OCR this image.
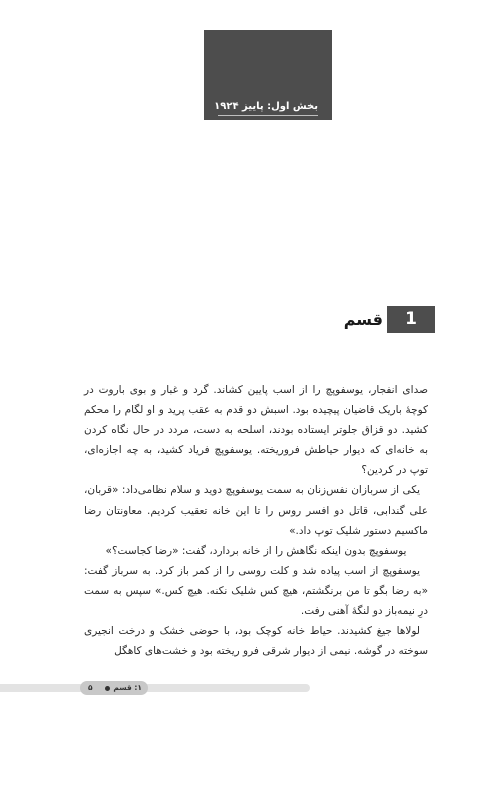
بخش اول: پاییز ۱۹۲۴
1
قسم

صدای انفجار، یوسفوپچ را از اسب پایین کشاند. گرد و غبار و بوی باروت در کوچهٔ باریک قاضیان پیچیده بود. اسبش دو قدم به عقب پرید و او لگام را محکم کشید. دو قزاق جلوتر ایستاده بودند، اسلحه به دست، مردد در حال نگاه کردن به خانه‌ای که دیوار حیاطش فروریخته. یوسفوپچ فریاد کشید، به چه اجازه‌ای، توپ در کردین؟

یکی از سربازان نفس‌زنان به سمت یوسفوپچ دوید و سلام نظامی‌داد: «قربان، علی گندابی، قاتل دو افسر روس را تا این خانه تعقیب کردیم. معاونتان رضا ماکسیم دستور شلیک توپ داد.»

یوسفوپچ بدون اینکه نگاهش را از خانه بردارد، گفت: «رضا کجاست؟»

یوسفوپچ از اسب پیاده شد و کلت روسی را از کمر باز کرد. به سرباز گفت: «به رضا بگو تا من برنگشتم، هیچ کس شلیک نکنه. هیچ کس.» سپس به سمت درِ نیمه‌باز دو لنگهٔ آهنی رفت.

لولاها جیغ کشیدند. حیاط خانه کوچک بود، با حوضی خشک و درخت انجیری سوخته در گوشه. نیمی از دیوار شرقی فرو ریخته بود و خشت‌های کاهگل

۱: قسم
۵
